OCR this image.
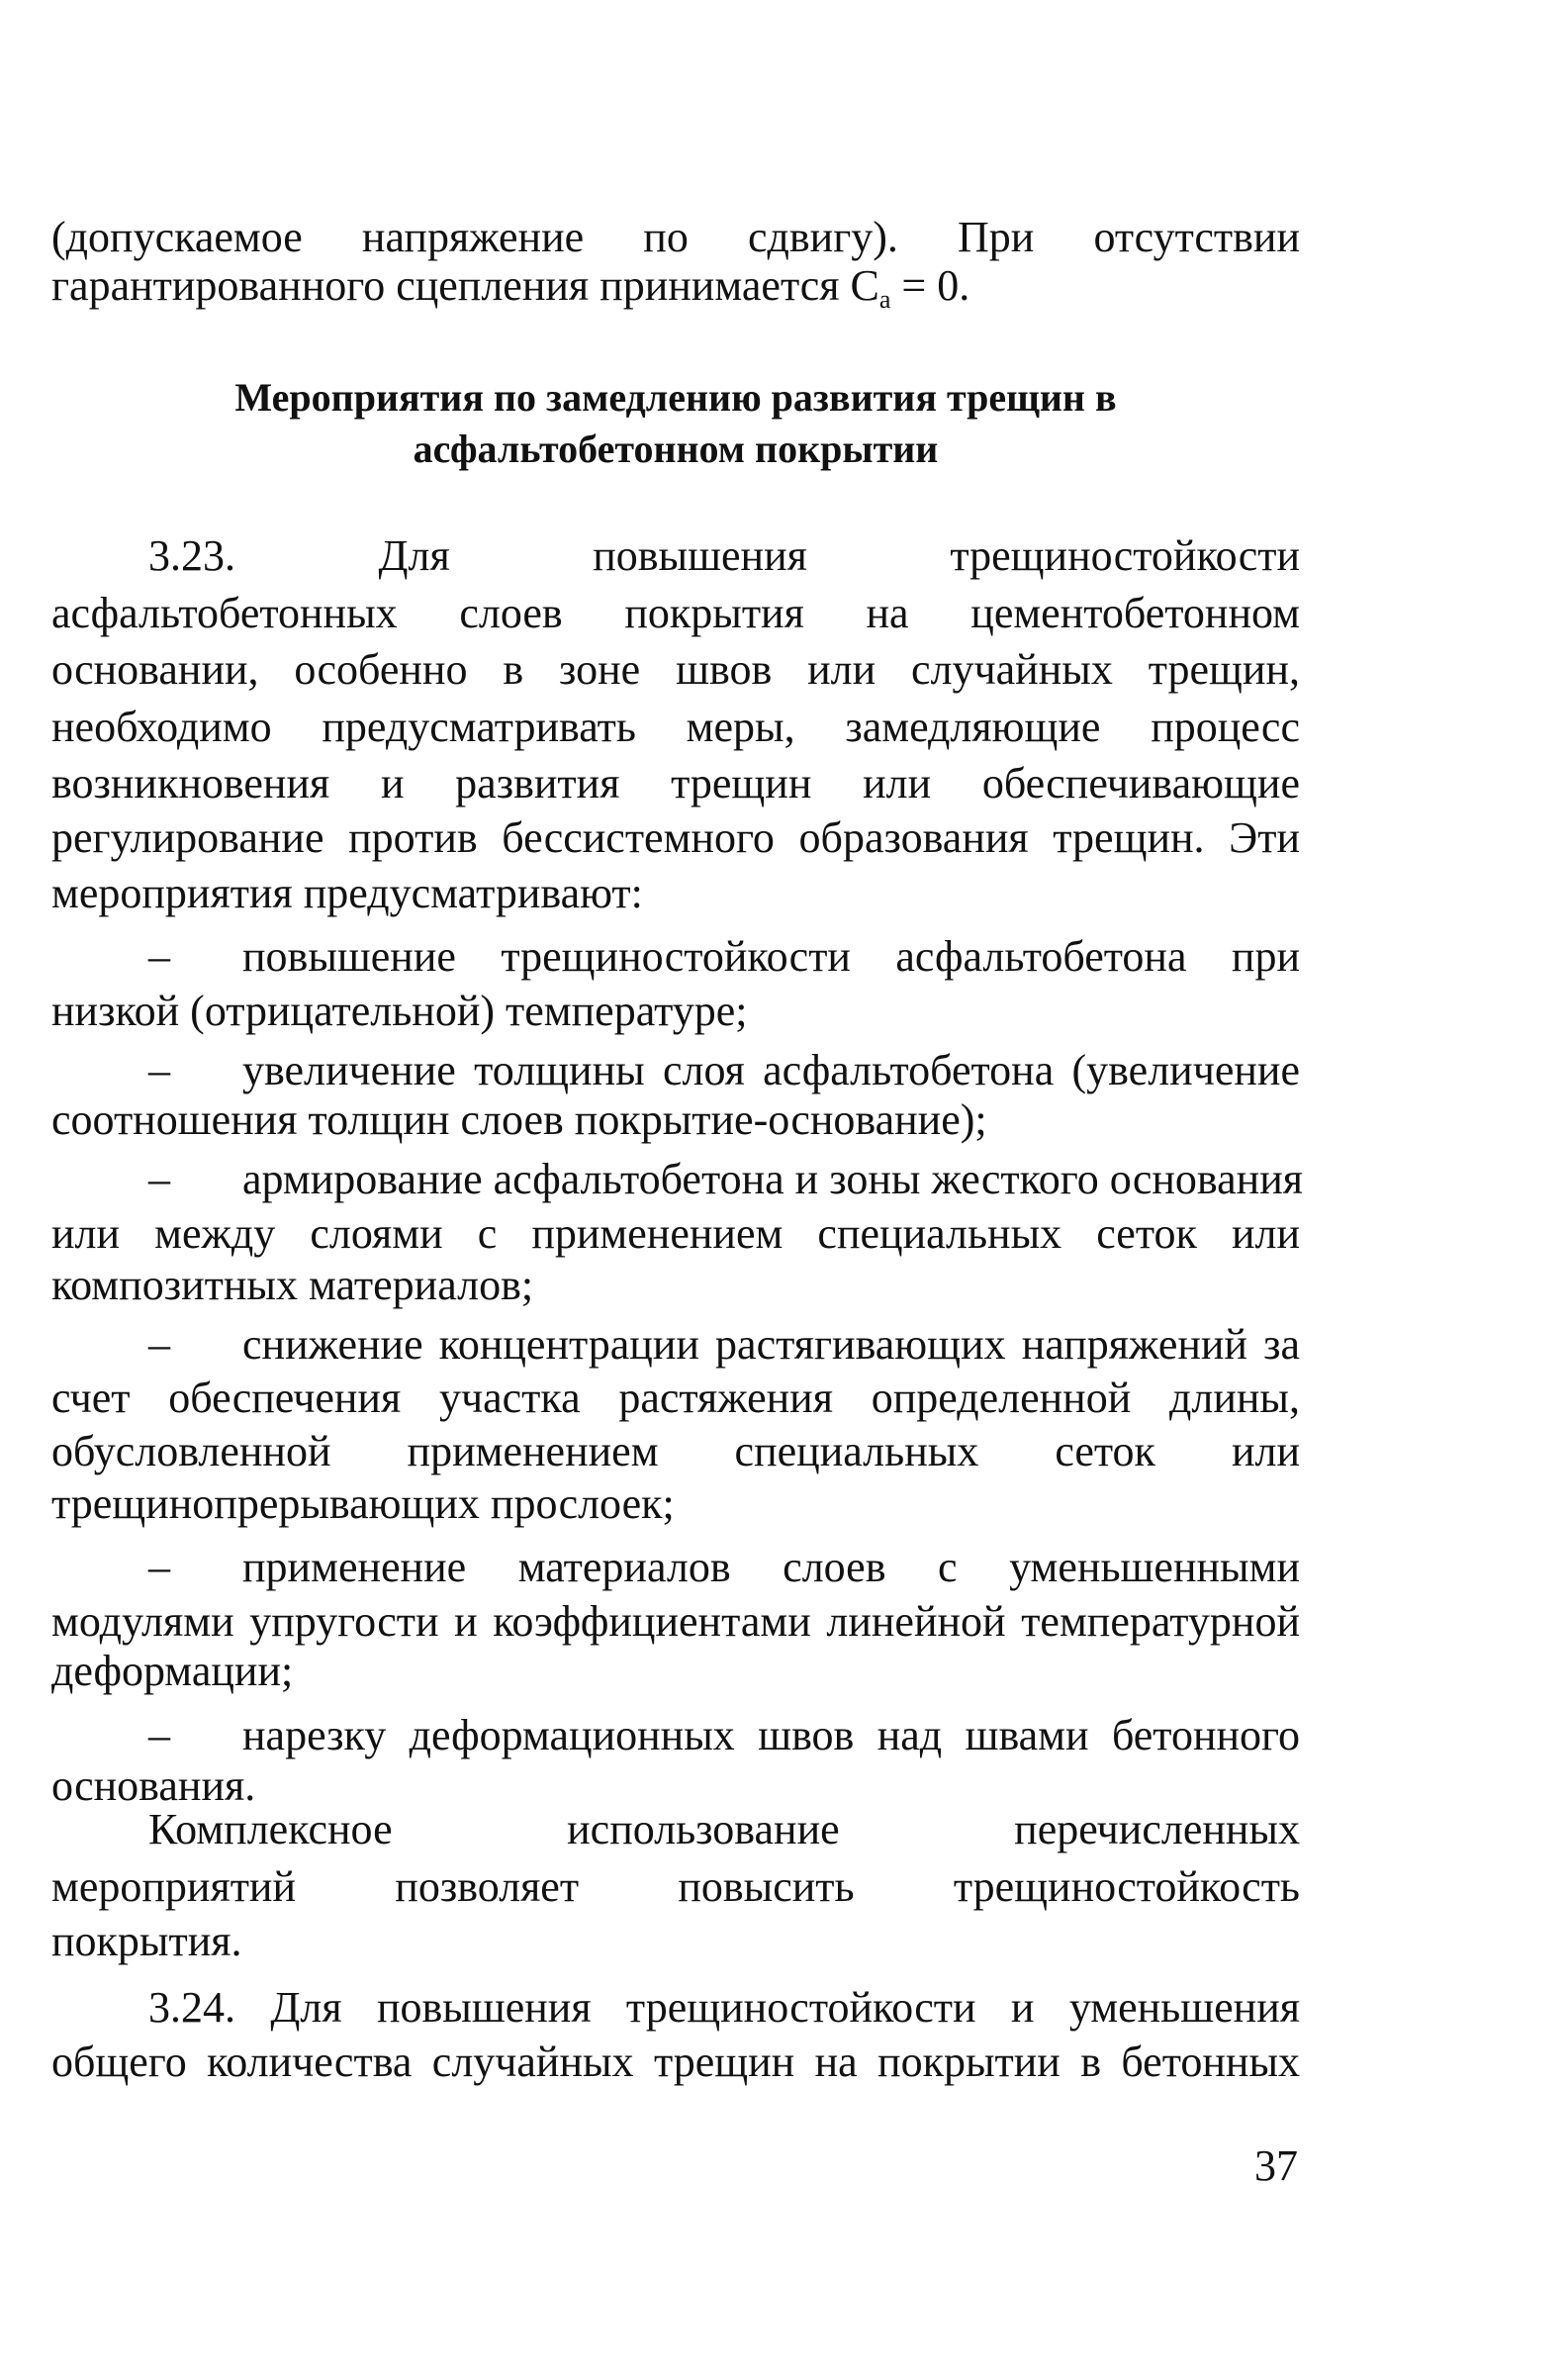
(допускаемое напряжение по сдвигу). При отсутствии
гарантированного сцепления принимается $C_a = 0$.
Мероприятия по замедлению развития трещин в
асфальтобетонном покрытии
3.23. Для повышения трещиностойкости
асфальтобетонных слоев покрытия на цементобетонном
основании, особенно в зоне швов или случайных трещин,
необходимо предусматривать меры, замедляющие процесс
возникновения и развития трещин или обеспечивающие
регулирование против бессистемного образования трещин. Эти
мероприятия предусматривают:
– повышение трещиностойкости асфальтобетона при
низкой (отрицательной) температуре;
– увеличение толщины слоя асфальтобетона (увеличение
соотношения толщин слоев покрытие-основание);
– армирование асфальтобетона и зоны жесткого основания
или между слоями с применением специальных сеток или
композитных материалов;
– снижение концентрации растягивающих напряжений за
счет обеспечения участка растяжения определенной длины,
обусловленной применением специальных сеток или
трещинопрерывающих прослоек;
– применение материалов слоев с уменьшенными
модулями упругости и коэффициентами линейной температурной
деформации;
– нарезку деформационных швов над швами бетонного
основания.
Комплексное использование перечисленных
мероприятий позволяет повысить трещиностойкость
покрытия.
3.24. Для повышения трещиностойкости и уменьшения
общего количества случайных трещин на покрытии в бетонных
37
